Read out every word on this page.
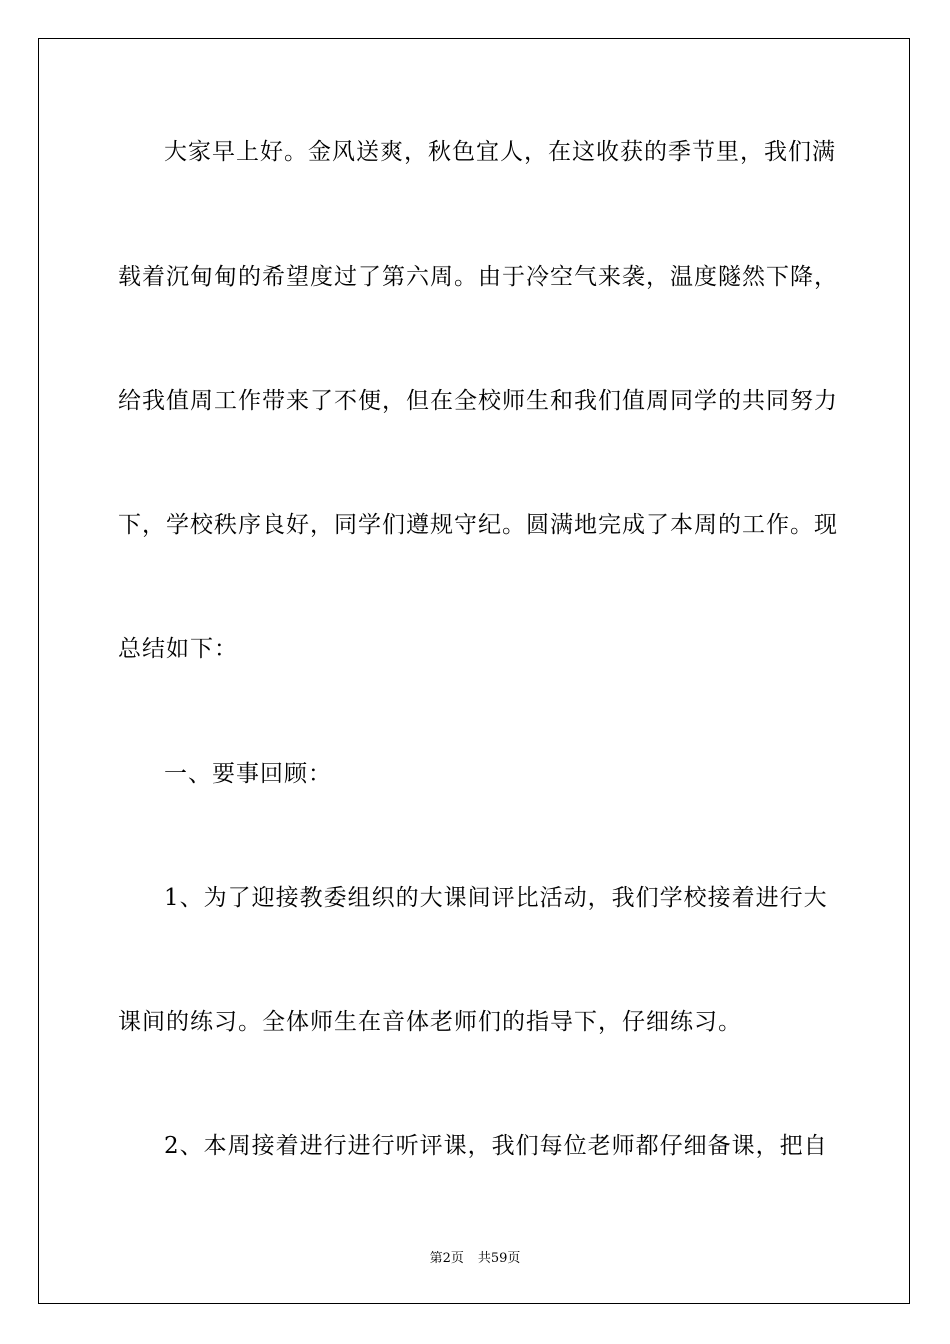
大家早上好。金风送爽，秋色宜人，在这收获的季节里，我们满
载着沉甸甸的希望度过了第六周。由于冷空气来袭，温度隧然下降，
给我值周工作带来了不便，但在全校师生和我们值周同学的共同努力
下，学校秩序良好，同学们遵规守纪。圆满地完成了本周的工作。现
总结如下：
一、要事回顾：
1、为了迎接教委组织的大课间评比活动，我们学校接着进行大
课间的练习。全体师生在音体老师们的指导下，仔细练习。
2、本周接着进行进行听评课，我们每位老师都仔细备课，把自
第2页 共59页
